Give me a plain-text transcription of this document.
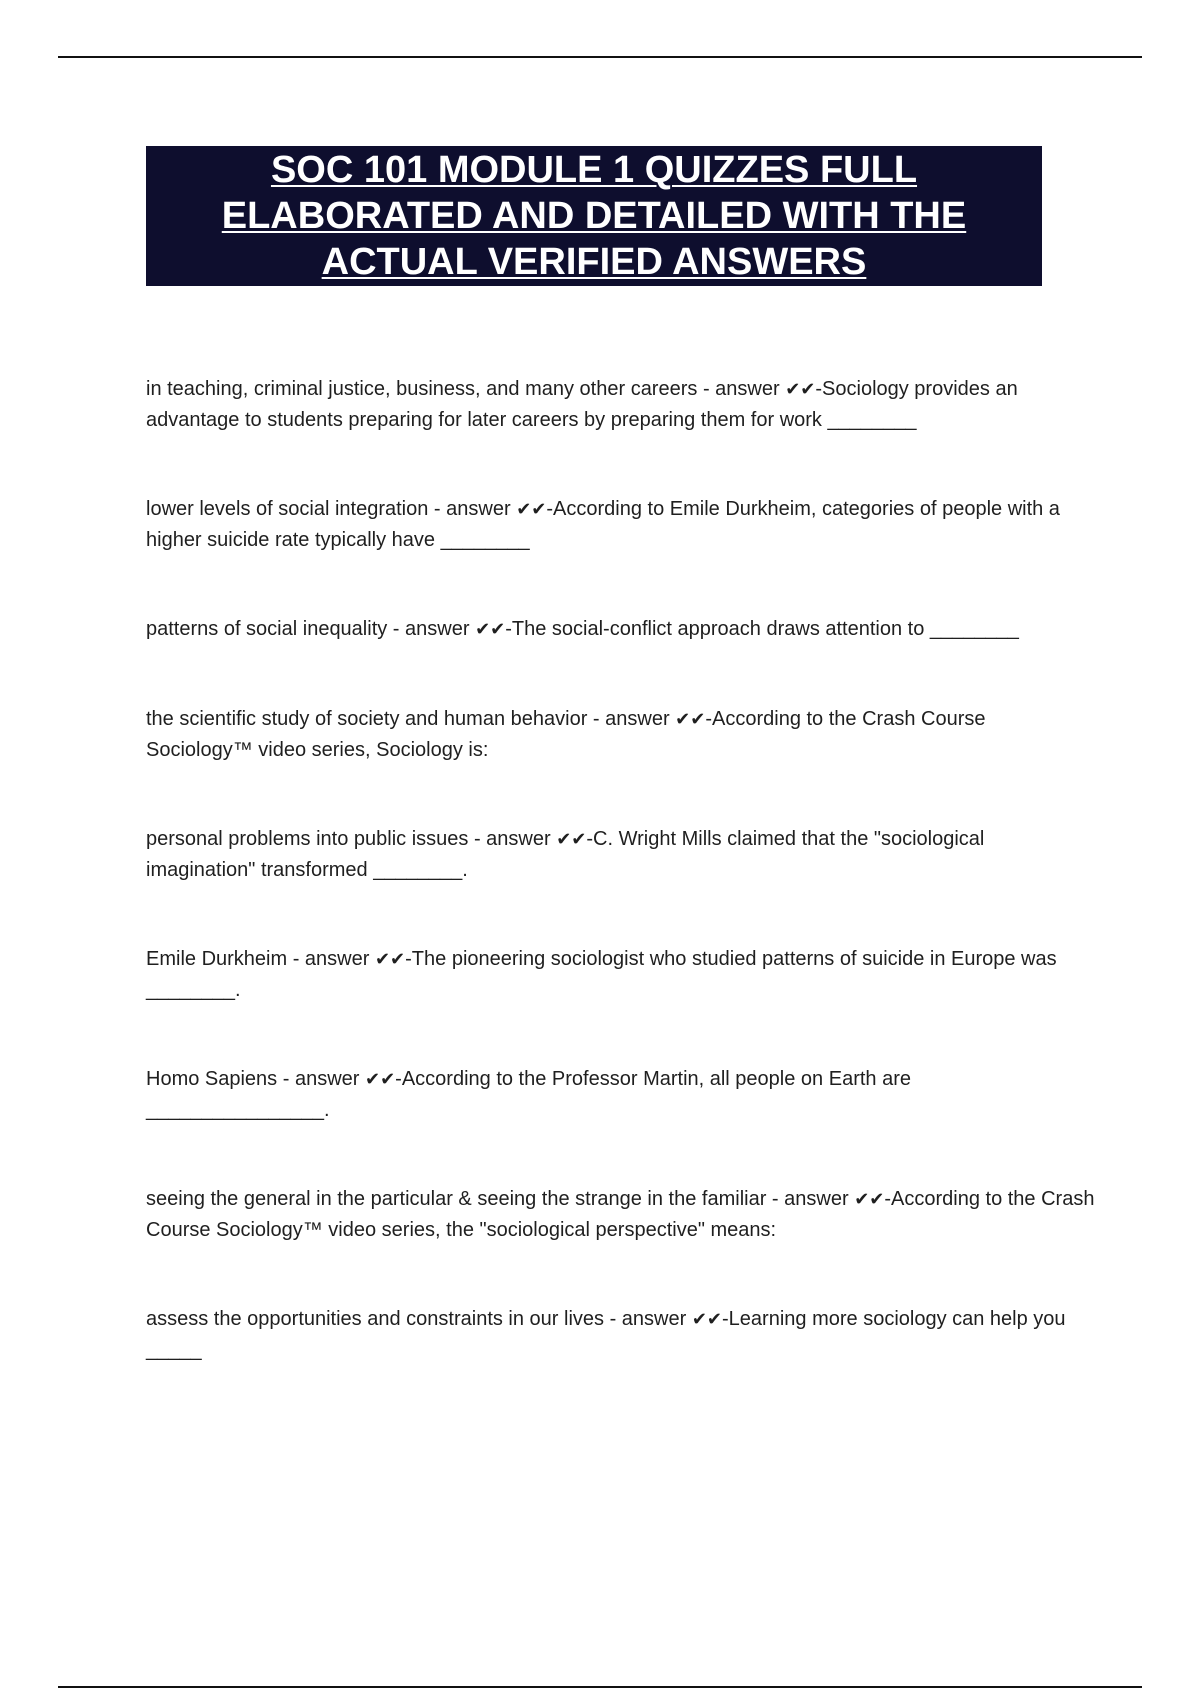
SOC 101 MODULE 1 QUIZZES FULL ELABORATED AND DETAILED WITH THE ACTUAL VERIFIED ANSWERS

in teaching, criminal justice, business, and many other careers - answer ✔✔-Sociology provides an advantage to students preparing for later careers by preparing them for work ________

lower levels of social integration - answer ✔✔-According to Emile Durkheim, categories of people with a higher suicide rate typically have ________

patterns of social inequality - answer ✔✔-The social-conflict approach draws attention to ________

the scientific study of society and human behavior - answer ✔✔-According to the Crash Course Sociology™ video series, Sociology is:

personal problems into public issues - answer ✔✔-C. Wright Mills claimed that the "sociological imagination" transformed ________.

Emile Durkheim - answer ✔✔-The pioneering sociologist who studied patterns of suicide in Europe was ________.

Homo Sapiens - answer ✔✔-According to the Professor Martin, all people on Earth are ________________.

seeing the general in the particular & seeing the strange in the familiar - answer ✔✔-According to the Crash Course Sociology™ video series, the "sociological perspective" means:

assess the opportunities and constraints in our lives - answer ✔✔-Learning more sociology can help you _____
